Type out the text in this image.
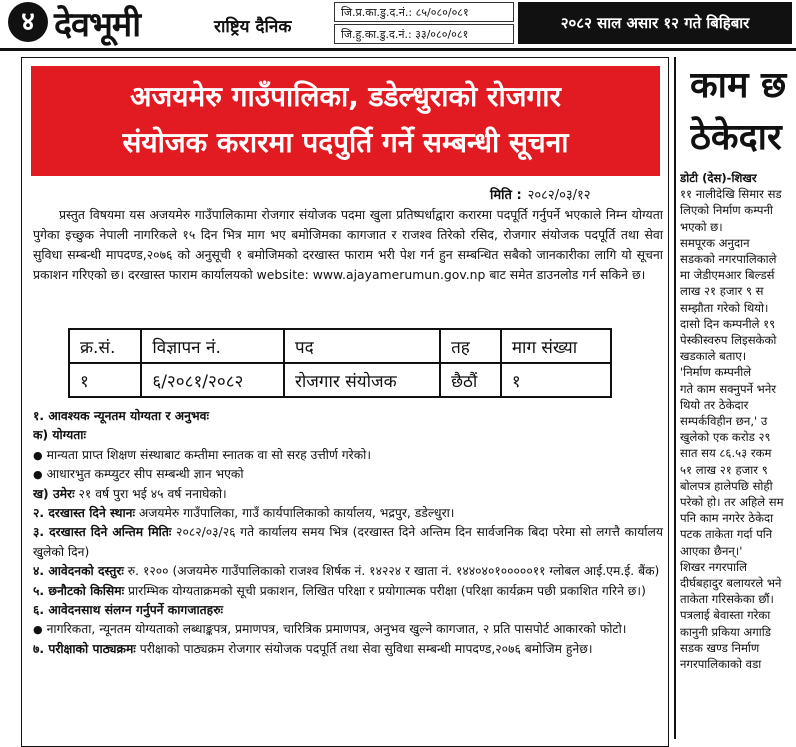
४ देवभूमी	राष्ट्रिय दैनिक
जि.प्र.का.डु.द.नं.: ८५/०८०/०८१
जि.हु.का.डु.द.नं.: ३३/०८०/०८१
२०८२ साल असार १२ गते बिहिबार
अजयमेरु गाउँपालिका, डडेल्धुराको रोजगार
संयोजक करारमा पदपुर्ति गर्ने सम्बन्धी सूचना
मिति : २०८२/०३/१२
प्रस्तुत विषयमा यस अजयमेरु गाउँपालिकामा रोजगार संयोजक पदमा खुला प्रतिष्पर्धाद्वारा करारमा पदपूर्ति गर्नुपर्ने भएकाले निम्न योग्यता पुगेका इच्छुक नेपाली नागरिकले १५ दिन भित्र माग भए बमोजिमका कागजात र राजश्व तिरेको रसिद, रोजगार संयोजक पदपूर्ति तथा सेवा सुविधा सम्बन्धी मापदण्ड,२०७६ को अनुसूची १ बमोजिमको दरखास्त फाराम भरी पेश गर्न हुन सम्बन्धित सबैको जानकारीका लागि यो सूचना प्रकाशन गरिएको छ। दरखास्त फाराम कार्यालयको website: www.ajayamerumun.gov.np बाट समेत डाउनलोड गर्न सकिने छ।
क्र.सं.	विज्ञापन नं.	पद	तह	माग संख्या
१	६/२०८१/२०८२	रोजगार संयोजक	छैठौं	१
१. आवश्यक न्यूनतम योग्यता र अनुभवः
क) योग्यताः
● मान्यता प्राप्त शिक्षण संस्थाबाट कम्तीमा स्नातक वा सो सरह उत्तीर्ण गरेको।
● आधारभुत कम्प्युटर सीप सम्बन्धी ज्ञान भएको
ख) उमेरः २१ वर्ष पुरा भई ४५ वर्ष ननाघेको।
२. दरखास्त दिने स्थानः अजयमेरु गाउँपालिका, गाउँ कार्यपालिकाको कार्यालय, भद्रपुर, डडेल्धुरा।
३. दरखास्त दिने अन्तिम मितिः २०८२/०३/२६ गते कार्यालय समय भित्र (दरखास्त दिने अन्तिम दिन सार्वजनिक बिदा परेमा सो लगत्तै कार्यालय खुलेको दिन)
४. आवेदनको दस्तुरः रु. १२०० (अजयमेरु गाउँपालिकाको राजश्व शिर्षक नं. १४२२४ र खाता नं. १४४०४०१०००००११ ग्लोबल आई.एम.ई. बैंक)
५. छनौटको किसिमः प्रारम्भिक योग्यताक्रमको सूची प्रकाशन, लिखित परिक्षा र प्रयोगात्मक परीक्षा (परिक्षा कार्यक्रम पछी प्रकाशित गरिने छ।)
६. आवेदनसाथ संलग्न गर्नुपर्ने कागजातहरुः
● नागरिकता, न्यूनतम योग्यताको लब्धाङ्कपत्र, प्रमाणपत्र, चारित्रिक प्रमाणपत्र, अनुभव खुल्ने कागजात, २ प्रति पासपोर्ट आकारको फोटो।
७. परीक्षाको पाठ्यक्रमः परीक्षाको पाठ्यक्रम रोजगार संयोजक पदपूर्ति तथा सेवा सुविधा सम्बन्धी मापदण्ड,२०७६ बमोजिम हुनेछ।
काम छ
ठेकेदार
डोटी (देस)-शिखर
११ नालीदेखि सिमार सड
लिएको निर्माण कम्पनी
भएको छ।
समपूरक अनुदान
सडकको नगरपालिकाले
मा जेडीएमआर बिल्डर्स
लाख २१ हजार ९ स
सम्झौता गरेको थियो।
दासो दिन कम्पनीले १९
पेस्कीस्वरुप लिइसकेको
खडकाले बताए।
'निर्माण कम्पनीले
गते काम सक्नुपर्ने भनेर
थियो तर ठेकेदार
सम्पर्कविहीन छन,' उ
खुलेको एक करोड २९
सात सय ८६.५३ रकम
५१ लाख २१ हजार ९
बोलपत्र हालेपछि सोही
परेको हो। तर अहिले सम
पनि काम नगरेर ठेकेदा
पटक ताकेता गर्दा पनि
आएका छैनन्।'
शिखर नगरपालि
दीर्घबहादुर बलायरले भने
ताकेता गरिसकेका छौं।
पत्रलाई बेवास्ता गरेका
कानुनी प्रकिया अगाडि
सडक खण्ड निर्माण
नगरपालिकाको वडा
